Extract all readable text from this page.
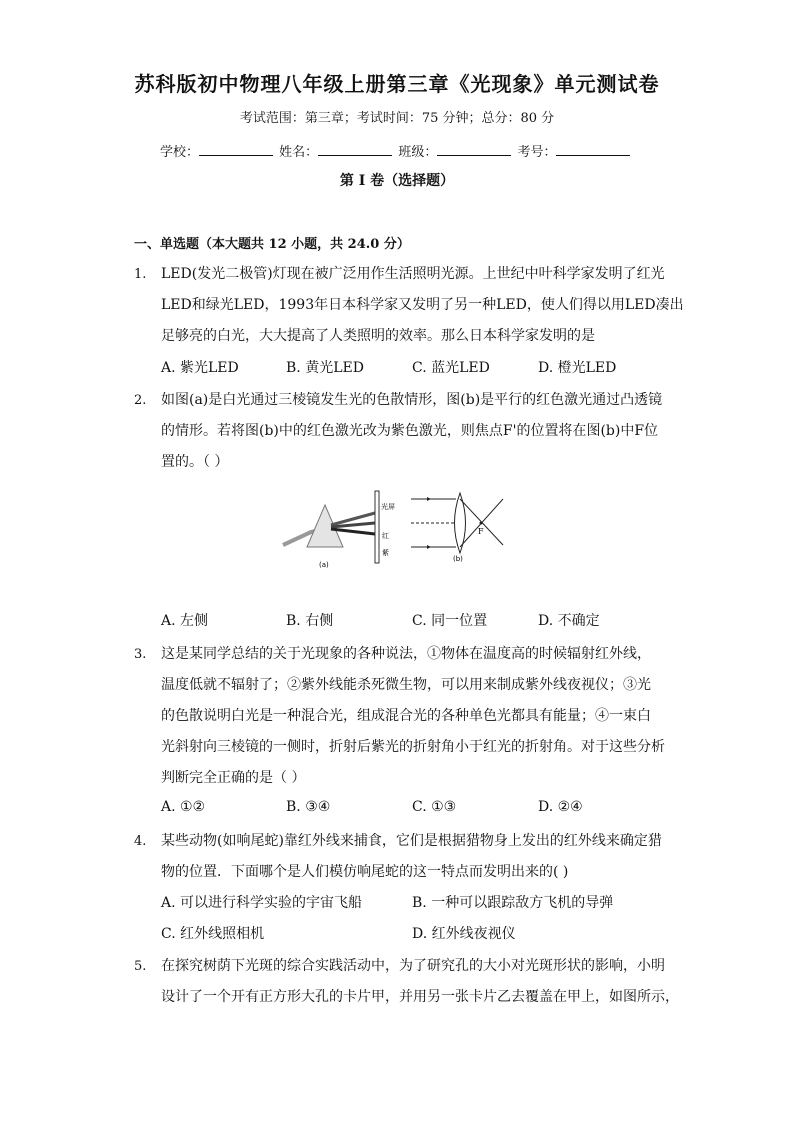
苏科版初中物理八年级上册第三章《光现象》单元测试卷
考试范围：第三章；考试时间：75 分钟；总分：80 分
学校：	姓名：	班级：	考号：
第 I 卷（选择题）
一、单选题（本大题共 12 小题，共 24.0 分）
1.	LED(发光二极管)灯现在被广泛用作生活照明光源。上世纪中叶科学家发明了红光
LED和绿光LED，1993年日本科学家又发明了另一种LED，使人们得以用LED凑出
足够亮的白光，大大提高了人类照明的效率。那么日本科学家发明的是
A. 紫光LED	B. 黄光LED	C. 蓝光LED	D. 橙光LED
2.	如图(a)是白光通过三棱镜发生光的色散情形，图(b)是平行的红色激光通过凸透镜
的情形。若将图(b)中的红色激光改为紫色激光，则焦点F'的位置将在图(b)中F位
置的。（ ）
光屏
红
紫
(a)
F
(b)
A. 左侧	B. 右侧	C. 同一位置	D. 不确定
3.	这是某同学总结的关于光现象的各种说法，①物体在温度高的时候辐射红外线，
温度低就不辐射了；②紫外线能杀死微生物，可以用来制成紫外线夜视仪；③光
的色散说明白光是一种混合光，组成混合光的各种单色光都具有能量；④一束白
光斜射向三棱镜的一侧时，折射后紫光的折射角小于红光的折射角。对于这些分析
判断完全正确的是（ ）
A. ①②	B. ③④	C. ①③	D. ②④
4.	某些动物(如响尾蛇)靠红外线来捕食，它们是根据猎物身上发出的红外线来确定猎
物的位置．下面哪个是人们模仿响尾蛇的这一特点而发明出来的( )
A. 可以进行科学实验的宇宙飞船	B. 一种可以跟踪敌方飞机的导弹
C. 红外线照相机	D. 红外线夜视仪
5.	在探究树荫下光斑的综合实践活动中，为了研究孔的大小对光斑形状的影响，小明
设计了一个开有正方形大孔的卡片甲，并用另一张卡片乙去覆盖在甲上，如图所示，
